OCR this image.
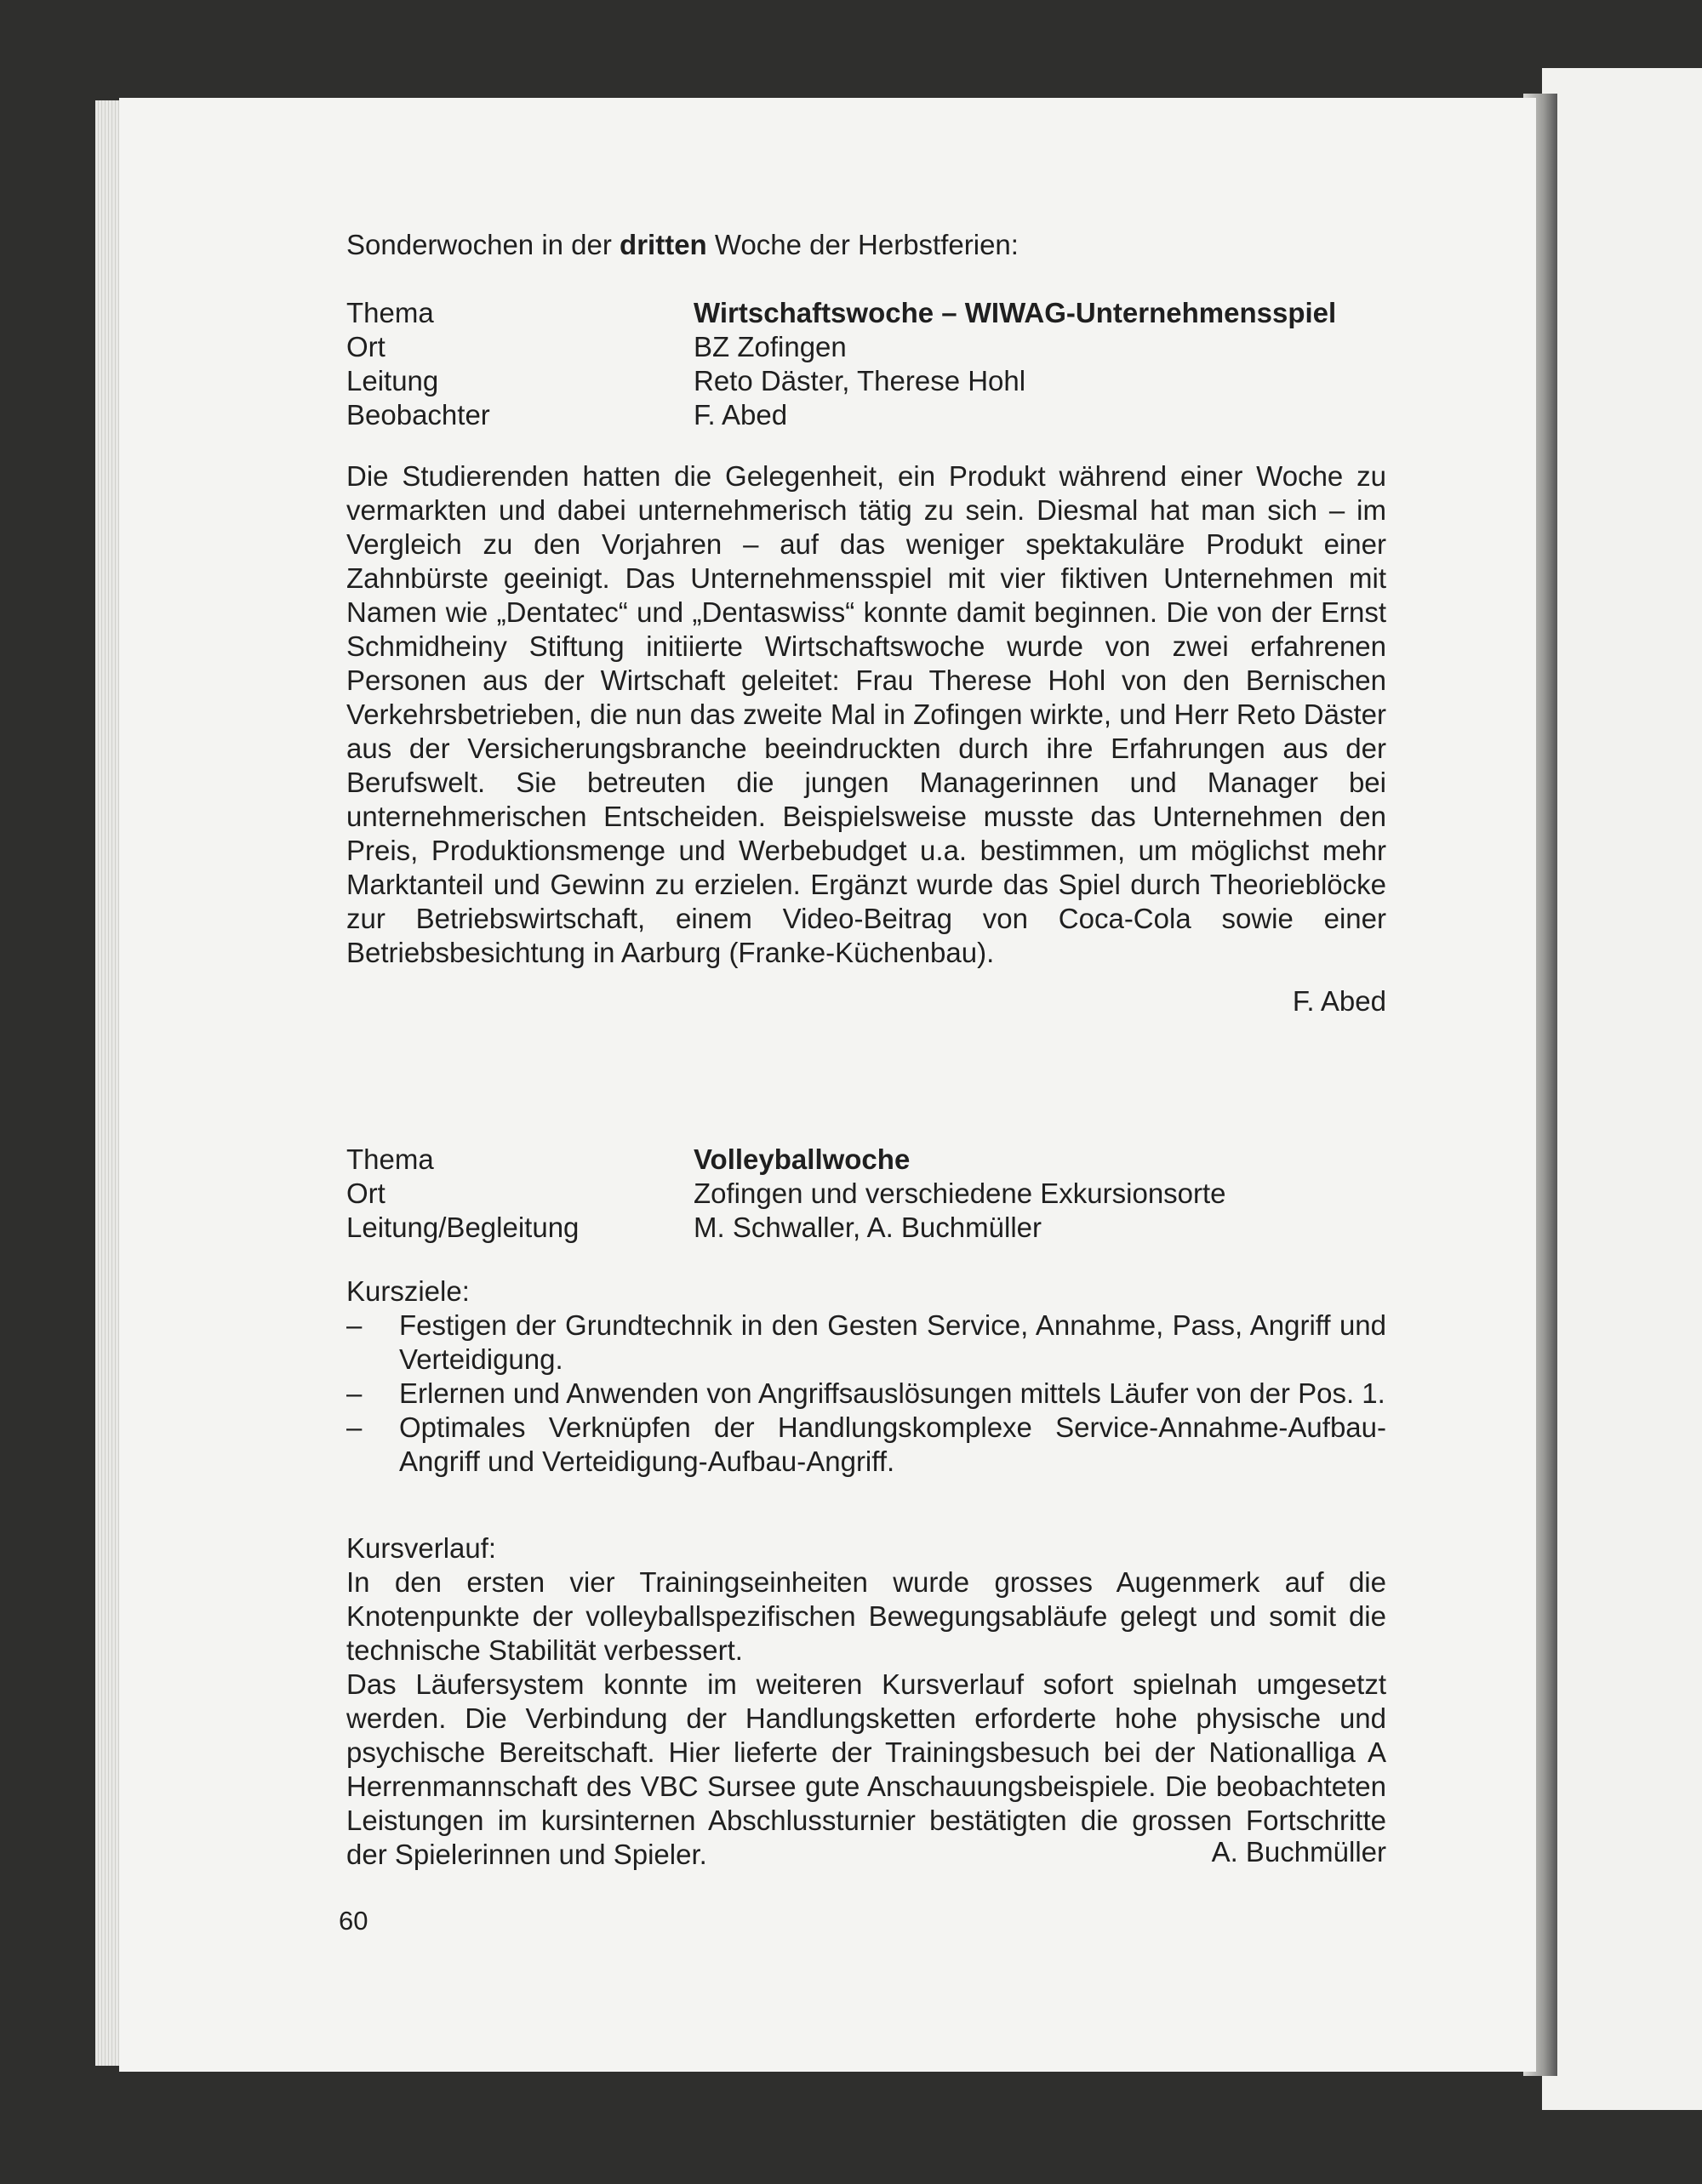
Sonderwochen in der dritten Woche der Herbstferien:
Thema	Wirtschaftswoche – WIWAG-Unternehmensspiel
Ort	BZ Zofingen
Leitung	Reto Däster, Therese Hohl
Beobachter	F. Abed
Die Studierenden hatten die Gelegenheit, ein Produkt während einer Woche zu vermarkten und dabei unternehmerisch tätig zu sein. Diesmal hat man sich – im Vergleich zu den Vorjahren – auf das weniger spektakuläre Produkt einer Zahnbürste geeinigt. Das Unternehmensspiel mit vier fiktiven Unternehmen mit Namen wie „Dentatec“ und „Dentaswiss“ konnte damit beginnen. Die von der Ernst Schmidheiny Stiftung initiierte Wirtschaftswoche wurde von zwei erfahrenen Personen aus der Wirtschaft geleitet: Frau Therese Hohl von den Bernischen Verkehrsbetrieben, die nun das zweite Mal in Zofingen wirkte, und Herr Reto Däster aus der Versicherungsbranche beeindruckten durch ihre Erfahrungen aus der Berufswelt. Sie betreuten die jungen Managerinnen und Manager bei unternehmerischen Entscheiden. Beispielsweise musste das Unternehmen den Preis, Produktionsmenge und Werbebudget u.a. bestimmen, um möglichst mehr Marktanteil und Gewinn zu erzielen. Ergänzt wurde das Spiel durch Theorieblöcke zur Betriebswirtschaft, einem Video-Beitrag von Coca-Cola sowie einer Betriebsbesichtung in Aarburg (Franke-Küchenbau).
F. Abed
Thema	Volleyballwoche
Ort	Zofingen und verschiedene Exkursionsorte
Leitung/Begleitung	M. Schwaller, A. Buchmüller
Kursziele:
–	Festigen der Grundtechnik in den Gesten Service, Annahme, Pass, Angriff und Verteidigung.
–	Erlernen und Anwenden von Angriffsauslösungen mittels Läufer von der Pos. 1.
–	Optimales Verknüpfen der Handlungskomplexe Service-Annahme-Aufbau-Angriff und Verteidigung-Aufbau-Angriff.
Kursverlauf:
In den ersten vier Trainingseinheiten wurde grosses Augenmerk auf die Knotenpunkte der volleyballspezifischen Bewegungsabläufe gelegt und somit die technische Stabilität verbessert.
Das Läufersystem konnte im weiteren Kursverlauf sofort spielnah umgesetzt werden. Die Verbindung der Handlungsketten erforderte hohe physische und psychische Bereitschaft. Hier lieferte der Trainingsbesuch bei der Nationalliga A Herrenmannschaft des VBC Sursee gute Anschauungsbeispiele. Die beobachteten Leistungen im kursinternen Abschlussturnier bestätigten die grossen Fortschritte der Spielerinnen und Spieler.	A. Buchmüller
60
